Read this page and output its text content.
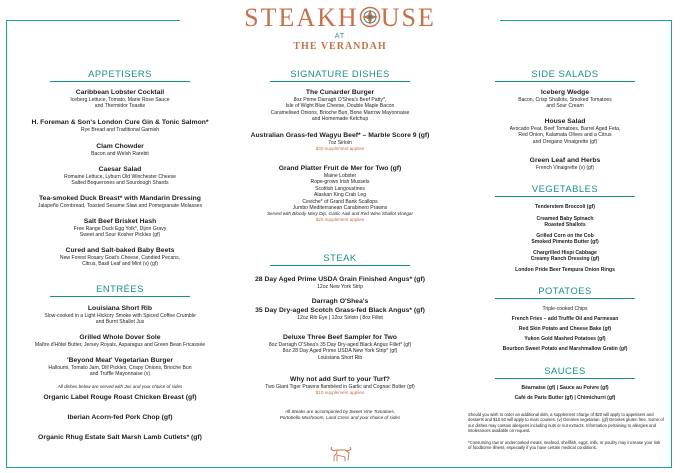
STEAKH USE
AT
THE VERANDAH
APPETISERS
Caribbean Lobster Cocktail
Iceberg Lettuce, Tomato, Marie Rose Sauce
and Thermidor Toastie
H. Foreman & Son's London Cure Gin & Tonic Salmon*
Rye Bread and Traditional Garnish
Clam Chowder
Bacon and Welsh Rarebit
Caesar Salad
Romaine Lettuce, Lyburn Old Winchester Cheese
Salted Boquerones and Sourdough Shards
Tea-smoked Duck Breast* with Mandarin Dressing
Jalapeño Cornbread, Toasted Sesame Slaw and Pomegranate Molasses
Salt Beef Brisket Hash
Free Range Duck Egg Yolk*, Dijon Gravy
Sweet and Sour Kosher Pickles (gf)
Cured and Salt-baked Baby Beets
New Forest Rosary Goat's Cheese, Candied Pecans,
Citrus, Basil Leaf and Mint (v) (gf)
ENTRÉES
Louisiana Short Rib
Slow-cooked in a Light Hickory Smoke with Spiced Coffee Crumble
and Burnt Shallot Jus
Grilled Whole Dover Sole
Maître d'Hôtel Butter, Jersey Royals, Asparagus and Green Bean Fricassée
'Beyond Meat' Vegetarian Burger
Halloumi, Tomato Jam, Dill Pickles, Crispy Onions, Brioche Bun
and Truffle Mayonnaise (v)
All dishes below are served with Jus and your choice of sides
Organic Label Rouge Roast Chicken Breast (gf)
Iberian Acorn-fed Pork Chop (gf)
Organic Rhug Estate Salt Marsh Lamb Cutlets* (gf)
SIGNATURE DISHES
The Cunarder Burger
8oz Prime Darragh O'Shea's Beef Patty*,
Isle of Wight Blue Cheese, Double Maple Bacon
Caramelised Onions, Brioche Bun, Bone Marrow Mayonnaise
and Homemade Ketchup
Australian Grass-fed Wagyu Beef* – Marble Score 9 (gf)
7oz Sirloin
$30 supplement applies
Grand Platter Fruit de Mer for Two (gf)
Maine Lobster
Rope-grown Irish Mussels
Scottish Langoustines
Alaskan King Crab Leg
Ceviche* of Grand Bank Scallops
Jumbo Mediterranean Carabinero Prawns
Served with Bloody Mary Dip, Garlic Aioli and Red Wine Shallot Vinegar
$20 supplement applies
STEAK
28 Day Aged Prime USDA Grain Finished Angus* (gf)
12oz New York Strip
Darragh O'Shea's
35 Day Dry-aged Scotch Grass-fed Black Angus* (gf)
12oz Rib Eye | 12oz Sirloin | 8oz Fillet
Deluxe Three Beef Sampler for Two
8oz Darragh O'Shea's 35 Day Dry-aged Black Angus Fillet* (gf)
8oz 28 Day Aged Prime USDA New York Strip* (gf)
Louisiana Short Rib
Why not add Surf to your Turf?
Two Giant Tiger Prawns flambéed in Garlic and Cognac Butter (gf)
$10 supplement applies
All Steaks are accompanied by Sweet Vine Tomatoes,
Portobello Mushroom, Land Cress and your choice of sides
SIDE SALADS
Iceberg Wedge
Bacon, Crisp Shallots, Smoked Tomatoes
and Sour Cream
House Salad
Avocado Pear, Beef Tomatoes, Barrel Aged Feta,
Red Onion, Kalamata Olives and a Citrus
and Oregano Vinaigrette (gf)
Green Leaf and Herbs
French Vinaigrette (v) (gf)
VEGETABLES
Tenderstem Broccoli (gf)
Creamed Baby Spinach
Roasted Shallots
Grilled Corn on the Cob
Smoked Pimento Butter (gf)
Chargrilled Hispi Cabbage
Creamy Ranch Dressing (gf)
London Pride Beer Tempura Onion Rings
POTATOES
Triple-cooked Chips
French Fries – add Truffle Oil and Parmesan
Red Skin Potato and Cheese Bake (gf)
Yukon Gold Mashed Potatoes (gf)
Bourbon Sweet Potato and Marshmallow Gratin (gf)
SAUCES
Béarnaise (gf) | Sauce au Poivre (gf)
Café de Paris Butter (gf) | Chimichurri (gf)
Should you wish to order an additional dish, a supplement charge of $20 will apply to appetisers and desserts and $10.50 will apply to main courses. (v) Denotes vegetarian. (gf) Denotes gluten free. Some of our dishes may contain allergens including nuts or nut extracts. Information pertaining to allergies and intolerances available on request.
*Consuming raw or undercooked meats, seafood, shellfish, eggs, milk, or poultry may increase your risk of foodborne illness, especially if you have certain medical conditions.
